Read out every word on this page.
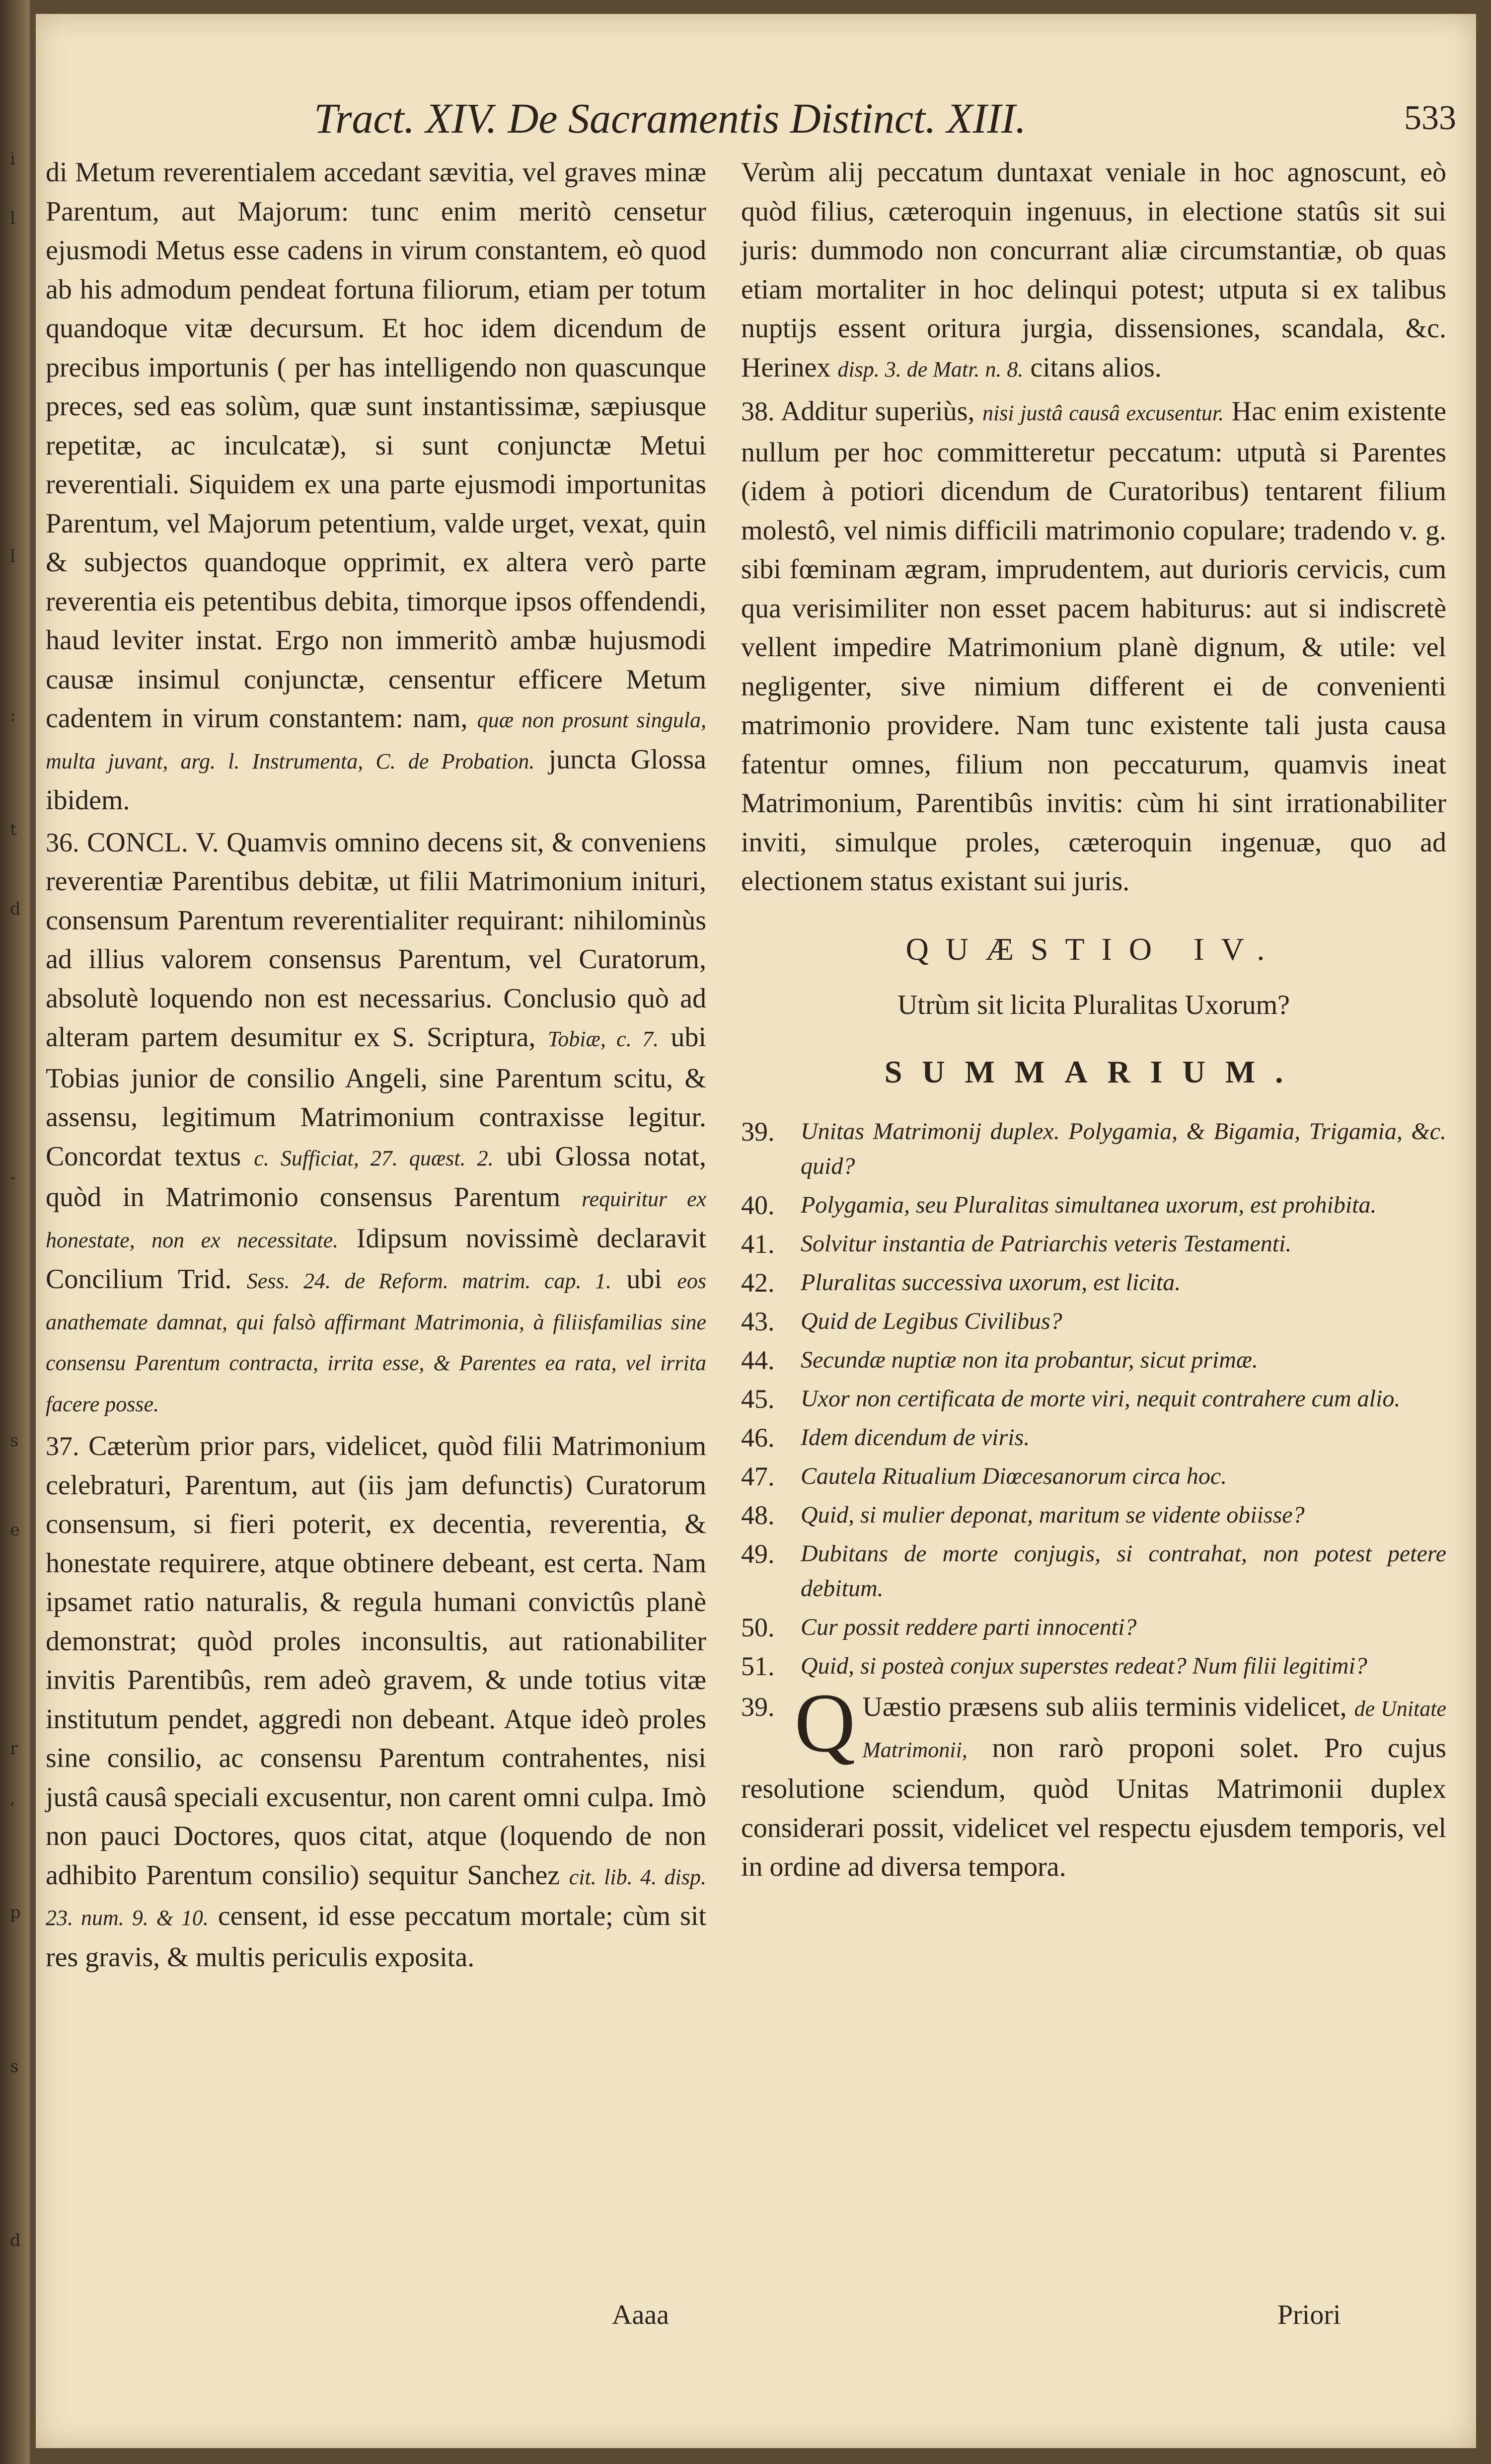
Tract. XIV. De Sacramentis Distinct. XIII.	533

di Metum reverentialem accedant sævitia, vel graves minæ Parentum, aut Majorum: tunc enim meritò censetur ejusmodi Metus esse cadens in virum constantem, eò quod ab his admodum pendeat fortuna filiorum, etiam per totum quandoque vitæ decursum. Et hoc idem dicendum de precibus importunis ( per has intelligendo non quascunque preces, sed eas solùm, quæ sunt instantissimæ, sæpiusque repetitæ, ac inculcatæ), si sunt conjunctæ Metui reverentiali. Siquidem ex una parte ejusmodi importunitas Parentum, vel Majorum petentium, valde urget, vexat, quin & subjectos quandoque opprimit, ex altera verò parte reverentia eis petentibus debita, timorque ipsos offendendi, haud leviter instat. Ergo non immeritò ambæ hujusmodi causæ insimul conjunctæ, censentur efficere Metum cadentem in virum constantem: nam, quæ non prosunt singula, multa juvant, arg. l. Instrumenta, C. de Probation. juncta Glossa ibidem.

36. CONCL. V. Quamvis omnino decens sit, & conveniens reverentiæ Parentibus debitæ, ut filii Matrimonium inituri, consensum Parentum reverentialiter requirant: nihilominùs ad illius valorem consensus Parentum, vel Curatorum, absolutè loquendo non est necessarius. Conclusio quò ad alteram partem desumitur ex S. Scriptura, Tobiæ, c. 7. ubi Tobias junior de consilio Angeli, sine Parentum scitu, & assensu, legitimum Matrimonium contraxisse legitur. Concordat textus c. Sufficiat, 27. quæst. 2. ubi Glossa notat, quòd in Matrimonio consensus Parentum requiritur ex honestate, non ex necessitate. Idipsum novissimè declaravit Concilium Trid. Sess. 24. de Reform. matrim. cap. 1. ubi eos anathemate damnat, qui falsò affirmant Matrimonia, à filiisfamilias sine consensu Parentum contracta, irrita esse, & Parentes ea rata, vel irrita facere posse.

37. Cæterùm prior pars, videlicet, quòd filii Matrimonium celebraturi, Parentum, aut (iis jam defunctis) Curatorum consensum, si fieri poterit, ex decentia, reverentia, & honestate requirere, atque obtinere debeant, est certa. Nam ipsamet ratio naturalis, & regula humani convictûs planè demonstrat; quòd proles inconsultis, aut rationabiliter invitis Parentibûs, rem adeò gravem, & unde totius vitæ institutum pendet, aggredi non debeant. Atque ideò proles sine consilio, ac consensu Parentum contrahentes, nisi justâ causâ speciali excusentur, non carent omni culpa. Imò non pauci Doctores, quos citat, atque (loquendo de non adhibito Parentum consilio) sequitur Sanchez cit. lib. 4. disp. 23. num. 9. & 10. censent, id esse peccatum mortale; cùm sit res gravis, & multis periculis exposita.

Verùm alij peccatum duntaxat veniale in hoc agnoscunt, eò quòd filius, cæteroquin ingenuus, in electione statûs sit sui juris: dummodo non concurrant aliæ circumstantiæ, ob quas etiam mortaliter in hoc delinqui potest; utputa si ex talibus nuptijs essent oritura jurgia, dissensiones, scandala, &c. Herinex disp. 3. de Matr. n. 8. citans alios.

38. Additur superiùs, nisi justâ causâ excusentur. Hac enim existente nullum per hoc committeretur peccatum: utputà si Parentes (idem à potiori dicendum de Curatoribus) tentarent filium molestô, vel nimis difficili matrimonio copulare; tradendo v. g. sibi fœminam ægram, imprudentem, aut durioris cervicis, cum qua verisimiliter non esset pacem habiturus: aut si indiscretè vellent impedire Matrimonium planè dignum, & utile: vel negligenter, sive nimium different ei de convenienti matrimonio providere. Nam tunc existente tali justa causa fatentur omnes, filium non peccaturum, quamvis ineat Matrimonium, Parentibûs invitis: cùm hi sint irrationabiliter inviti, simulque proles, cæteroquin ingenuæ, quo ad electionem status existant sui juris.

QUÆSTIO IV.
Utrùm sit licita Pluralitas Uxorum?
SUMMARIUM.
39. Unitas Matrimonij duplex. Polygamia, & Bigamia, Trigamia, &c. quid?
40. Polygamia, seu Pluralitas simultanea uxorum, est prohibita.
41. Solvitur instantia de Patriarchis veteris Testamenti.
42. Pluralitas successiva uxorum, est licita.
43. Quid de Legibus Civilibus?
44. Secundæ nuptiæ non ita probantur, sicut primæ.
45. Uxor non certificata de morte viri, nequit contrahere cum alio.
46. Idem dicendum de viris.
47. Cautela Ritualium Diœcesanorum circa hoc.
48. Quid, si mulier deponat, maritum se vidente obiisse?
49. Dubitans de morte conjugis, si contrahat, non potest petere debitum.
50. Cur possit reddere parti innocenti?
51. Quid, si posteà conjux superstes redeat? Num filii legitimi?

39. Q Uæstio præsens sub aliis terminis videlicet, de Unitate Matrimonii, non rarò proponi solet. Pro cujus resolutione sciendum, quòd Unitas Matrimonii duplex considerari possit, videlicet vel respectu ejusdem temporis, vel in ordine ad diversa tempora.

Aaaa	Priori
i
l
l
:
t
d
-
s
e
r
,
p
s
d
